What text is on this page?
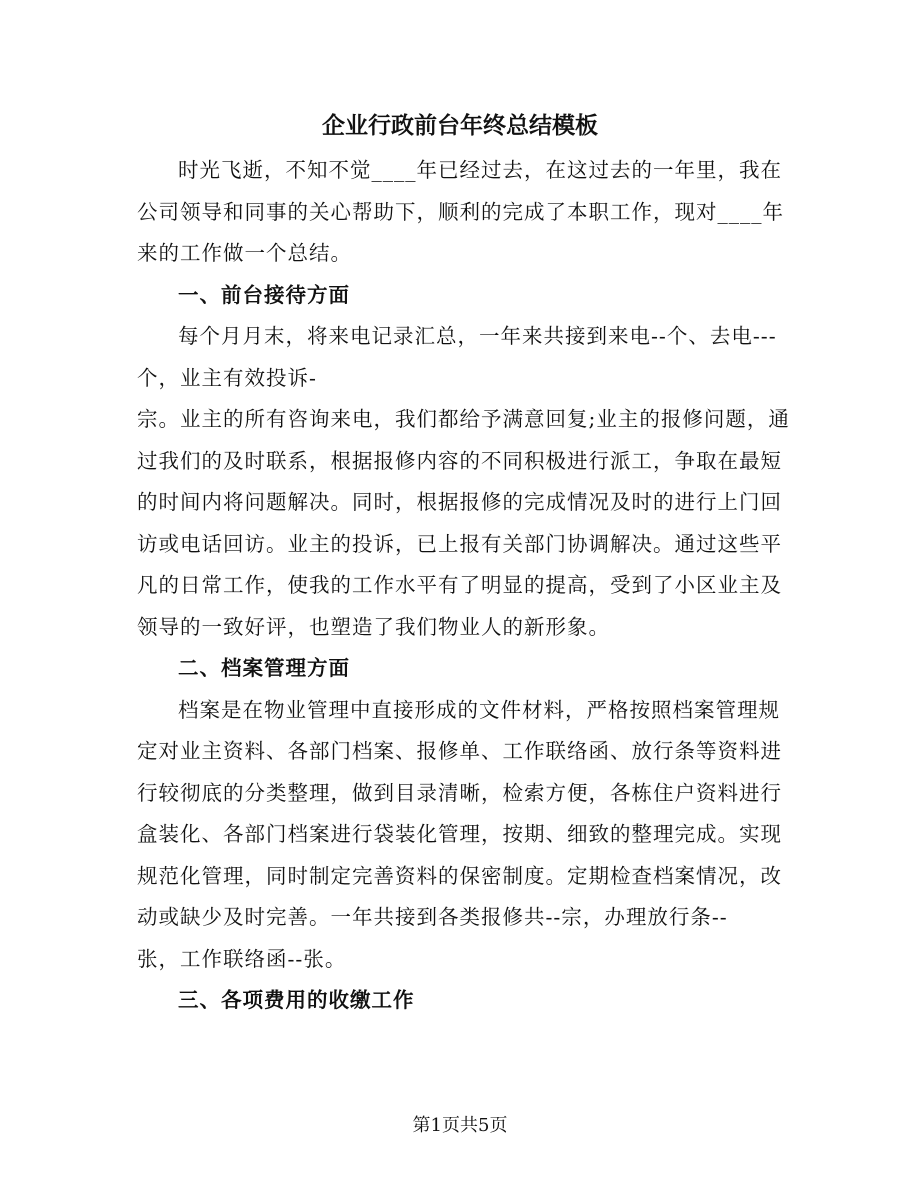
企业行政前台年终总结模板
时光飞逝，不知不觉____年已经过去，在这过去的一年里，我在
公司领导和同事的关心帮助下，顺利的完成了本职工作，现对____年
来的工作做一个总结。
一、前台接待方面
每个月月末，将来电记录汇总，一年来共接到来电--个、去电---
个，业主有效投诉-
宗。业主的所有咨询来电，我们都给予满意回复;业主的报修问题，通
过我们的及时联系，根据报修内容的不同积极进行派工，争取在最短
的时间内将问题解决。同时，根据报修的完成情况及时的进行上门回
访或电话回访。业主的投诉，已上报有关部门协调解决。通过这些平
凡的日常工作，使我的工作水平有了明显的提高，受到了小区业主及
领导的一致好评，也塑造了我们物业人的新形象。
二、档案管理方面
档案是在物业管理中直接形成的文件材料，严格按照档案管理规
定对业主资料、各部门档案、报修单、工作联络函、放行条等资料进
行较彻底的分类整理，做到目录清晰，检索方便，各栋住户资料进行
盒装化、各部门档案进行袋装化管理，按期、细致的整理完成。实现
规范化管理，同时制定完善资料的保密制度。定期检查档案情况，改
动或缺少及时完善。一年共接到各类报修共--宗，办理放行条--
张，工作联络函--张。
三、各项费用的收缴工作
第1页共5页
